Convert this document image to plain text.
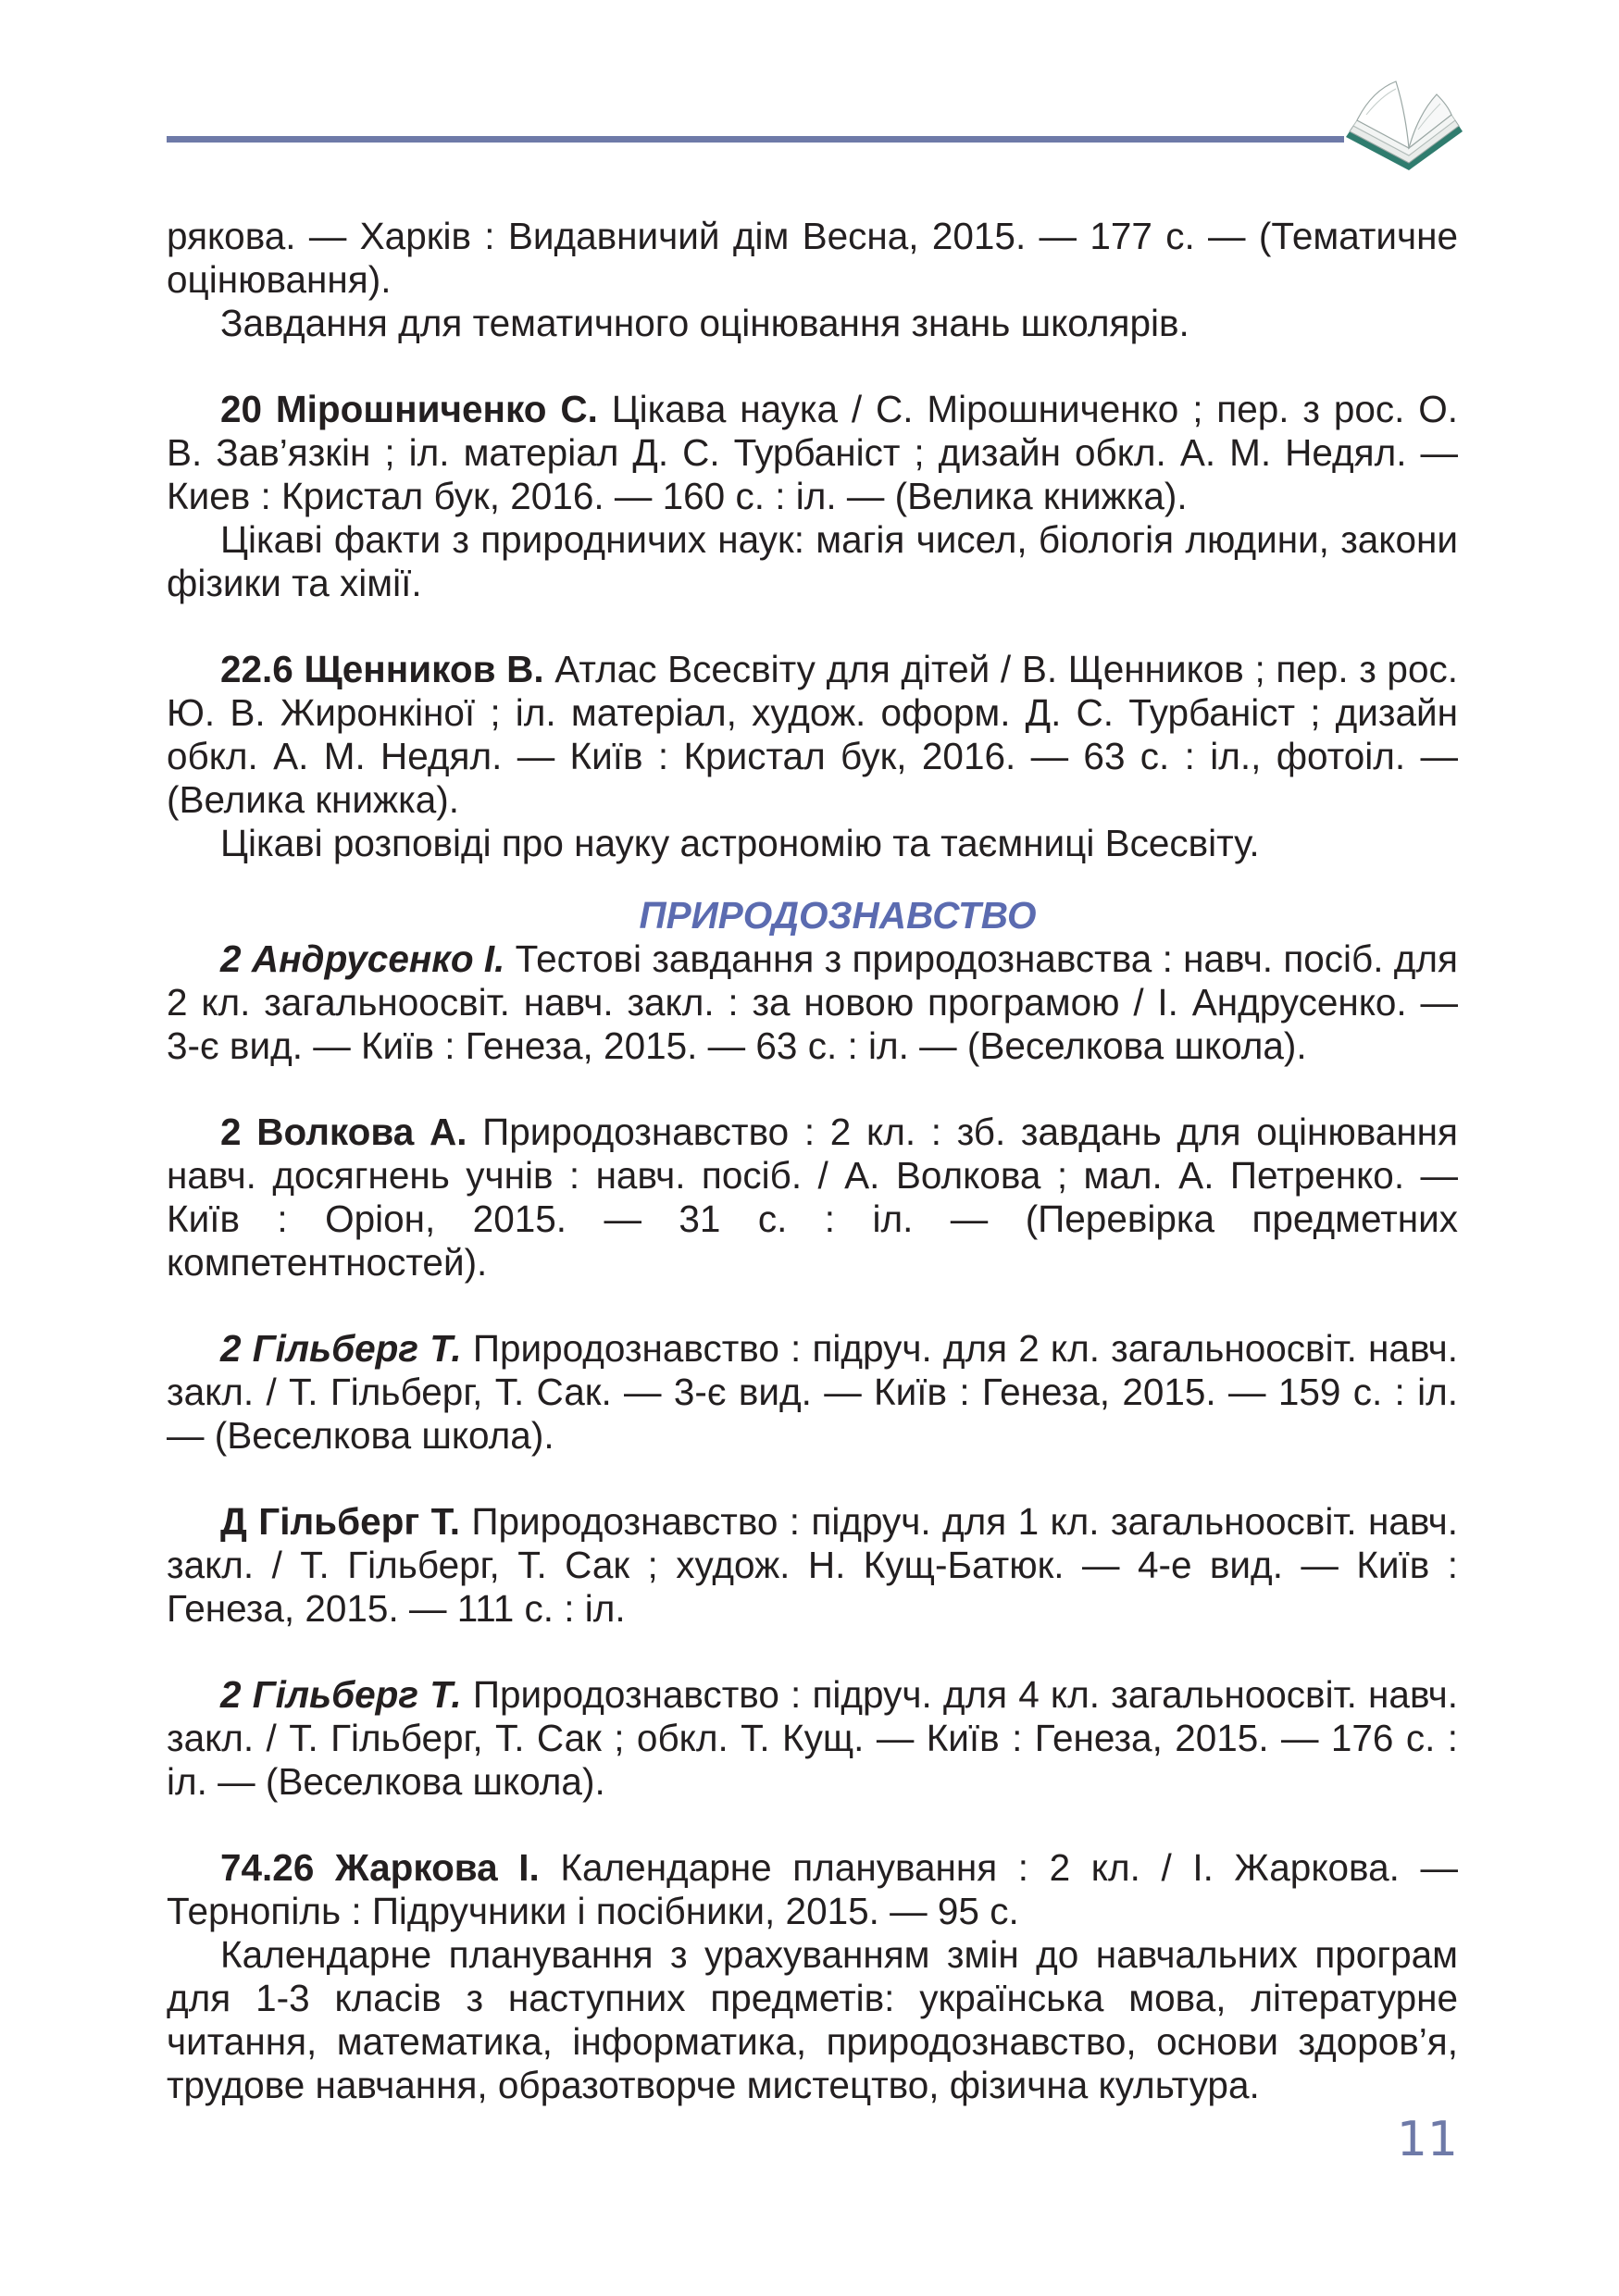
рякова. — Харків : Видавничий дім Весна, 2015. — 177 с. — (Тематичне оцінювання).

Завдання для тематичного оцінювання знань школярів.

20 Мірошниченко С. Цікава наука / С. Мірошниченко ; пер. з рос. О. В. Зав’язкін ; іл. матеріал Д. С. Турбаніст ; дизайн обкл. А. М. Недял. — Киев : Кристал бук, 2016. — 160 с. : іл. — (Велика книжка).

Цікаві факти з природничих наук: магія чисел, біологія людини, закони фізики та хімії.

22.6 Щенников В. Атлас Всесвіту для дітей / В. Щенников ; пер. з рос. Ю. В. Жиронкіної ; іл. матеріал, худож. оформ. Д. С. Турбаніст ; дизайн обкл. А. М. Недял. — Київ : Кристал бук, 2016. — 63 с. : іл., фотоіл. — (Велика книжка).

Цікаві розповіді про науку астрономію та таємниці Всесвіту.

ПРИРОДОЗНАВСТВО

2 Андрусенко І. Тестові завдання з природознавства : навч. посіб. для 2 кл. загальноосвіт. навч. закл. : за новою програмою / І. Андрусенко. — 3-є вид. — Київ : Генеза, 2015. — 63 с. : іл. — (Веселкова школа).

2 Волкова А. Природознавство : 2 кл. : зб. завдань для оцінювання навч. досягнень учнів : навч. посіб. / А. Волкова ; мал. А. Петренко. — Київ : Оріон, 2015. — 31 с. : іл. — (Перевірка предметних компетентностей).

2 Гільберг Т. Природознавство : підруч. для 2 кл. загальноосвіт. навч. закл. / Т. Гільберг, Т. Сак. — 3-є вид. — Київ : Генеза, 2015. — 159 с. : іл. — (Веселкова школа).

Д Гільберг Т. Природознавство : підруч. для 1 кл. загальноосвіт. навч. закл. / Т. Гільберг, Т. Сак ; худож. Н. Кущ-Батюк. — 4-е вид. — Київ : Генеза, 2015. — 111 с. : іл.

2 Гільберг Т. Природознавство : підруч. для 4 кл. загальноосвіт. навч. закл. / Т. Гільберг, Т. Сак ; обкл. Т. Кущ. — Київ : Генеза, 2015. — 176 с. : іл. — (Веселкова школа).

74.26 Жаркова І. Календарне планування : 2 кл. / І. Жаркова. — Тернопіль : Підручники і посібники, 2015. — 95 с.

Календарне планування з урахуванням змін до навчальних програм для 1-3 класів з наступних предметів: українська мова, літературне читання, математика, інформатика, природознавство, основи здоров’я, трудове навчання, образотворче мистецтво, фізична культура.

11
